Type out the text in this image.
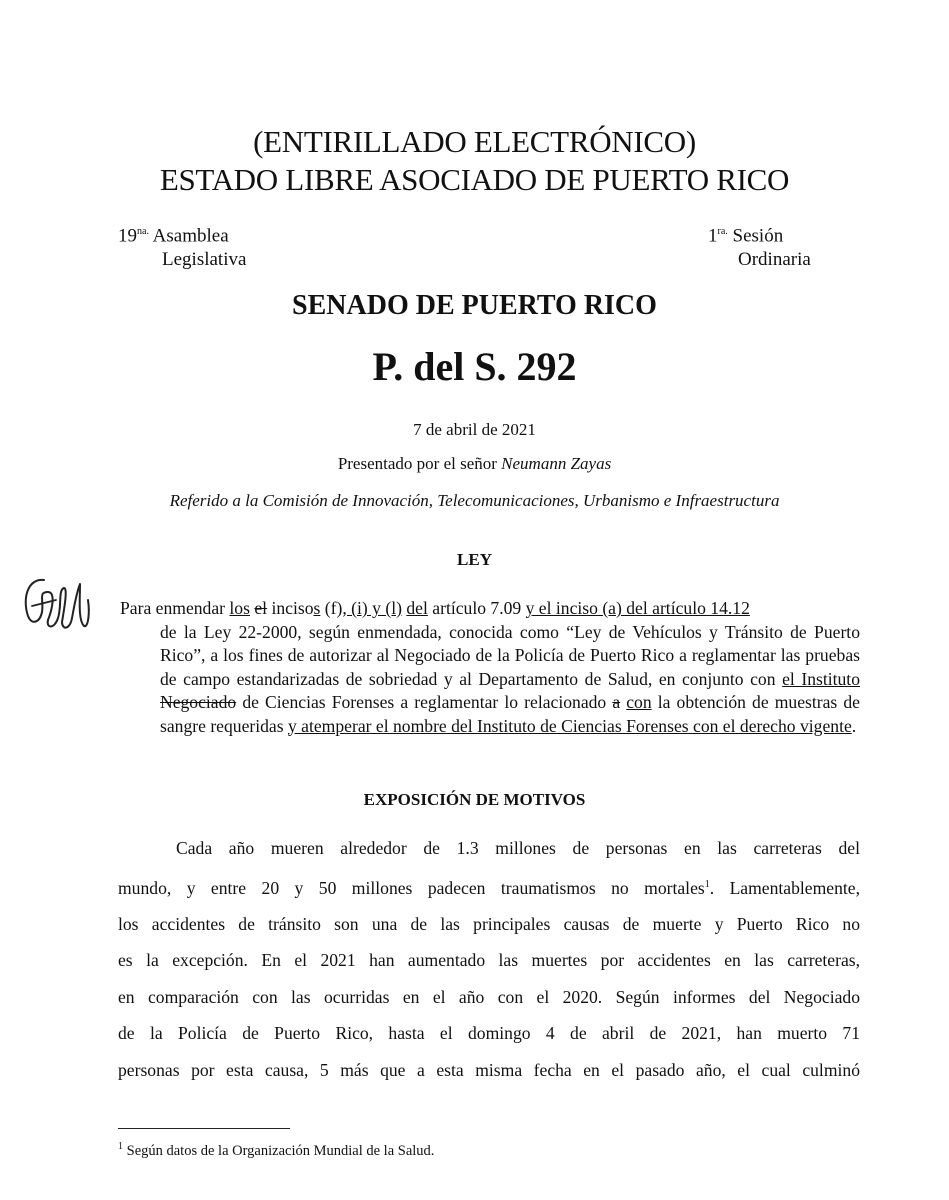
(ENTIRILLADO ELECTRÓNICO)
ESTADO LIBRE ASOCIADO DE PUERTO RICO
$19^{na.}$ Asamblea
Legislativa
$1^{ra.}$ Sesión
Ordinaria
SENADO DE PUERTO RICO
P. del S. 292
7 de abril de 2021
Presentado por el señor Neumann Zayas
Referido a la Comisión de Innovación, Telecomunicaciones, Urbanismo e Infraestructura
LEY
Para enmendar los el incisos (f), (i) y (l) del artículo 7.09 y el inciso (a) del artículo 14.12
de la Ley 22-2000, según enmendada, conocida como “Ley de Vehículos y Tránsito de Puerto Rico”, a los fines de autorizar al Negociado de la Policía de Puerto Rico a reglamentar las pruebas de campo estandarizadas de sobriedad y al Departamento de Salud, en conjunto con el Instituto Negociado de Ciencias Forenses a reglamentar lo relacionado a con la obtención de muestras de sangre requeridas y atemperar el nombre del Instituto de Ciencias Forenses con el derecho vigente.
EXPOSICIÓN DE MOTIVOS
Cada año mueren alrededor de 1.3 millones de personas en las carreteras del
mundo, y entre 20 y 50 millones padecen traumatismos no mortales$^1$. Lamentablemente,
los accidentes de tránsito son una de las principales causas de muerte y Puerto Rico no
es la excepción. En el 2021 han aumentado las muertes por accidentes en las carreteras,
en comparación con las ocurridas en el año con el 2020. Según informes del Negociado
de la Policía de Puerto Rico, hasta el domingo 4 de abril de 2021, han muerto 71
personas por esta causa, 5 más que a esta misma fecha en el pasado año, el cual culminó
$^1$ Según datos de la Organización Mundial de la Salud.
